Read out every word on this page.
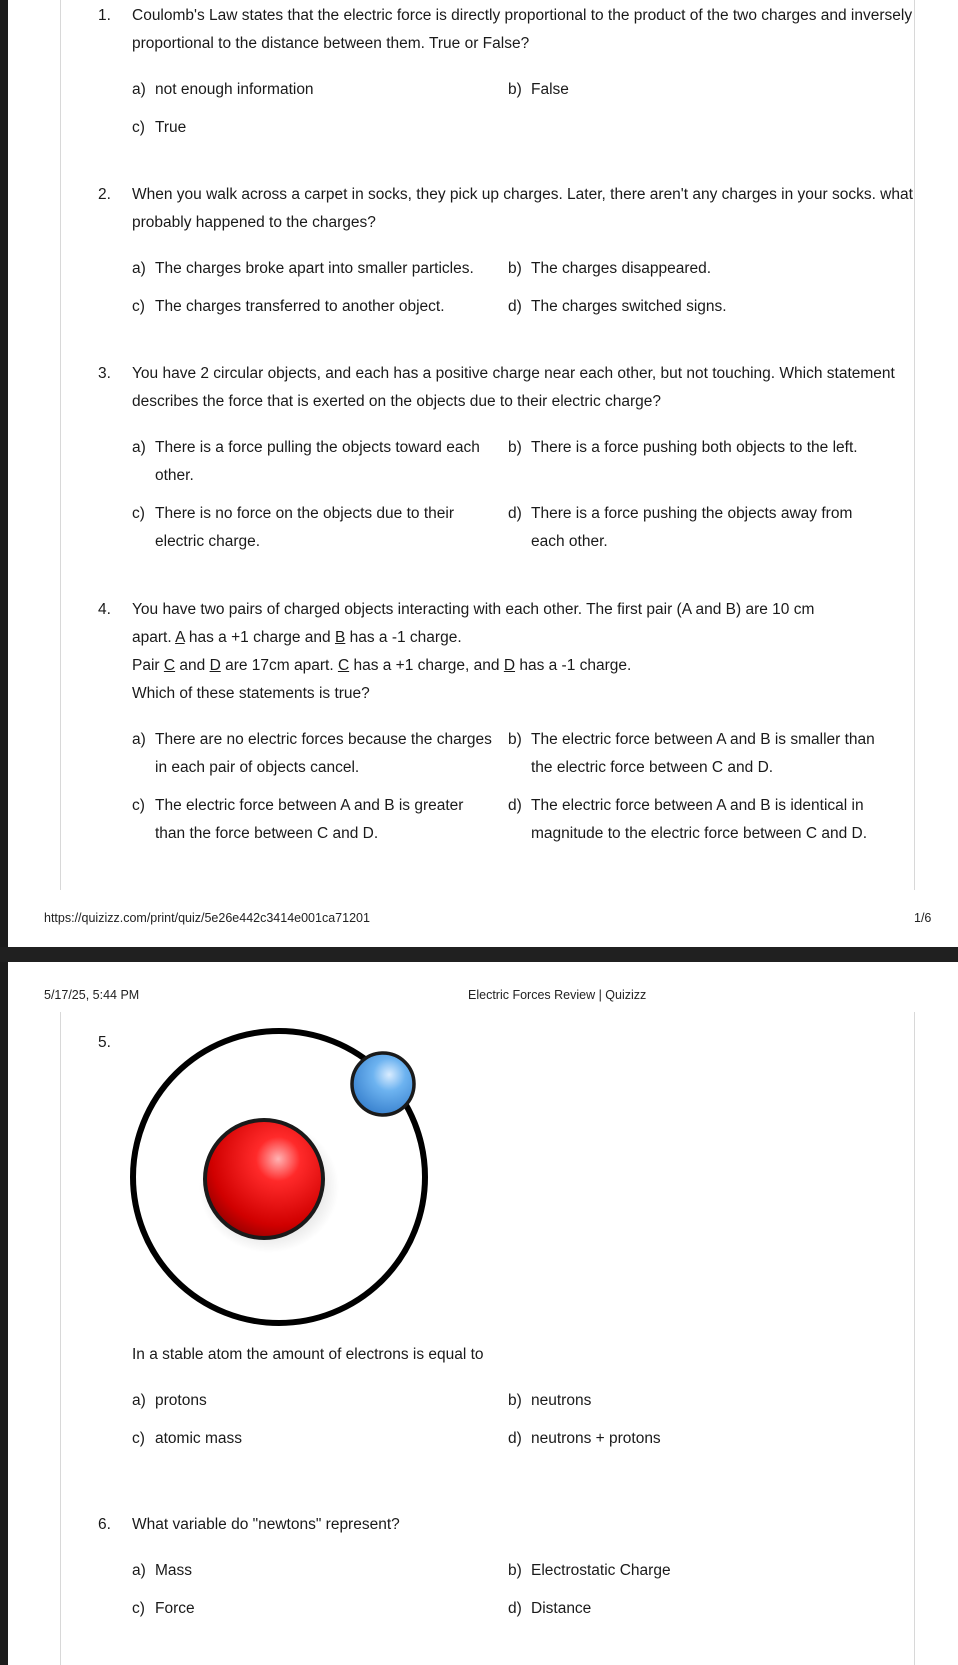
1. Coulomb's Law states that the electric force is directly proportional to the product of the two charges and inversely proportional to the distance between them. True or False?
a) not enough information	b) False
c) True
2. When you walk across a carpet in socks, they pick up charges. Later, there aren't any charges in your socks. what probably happened to the charges?
a) The charges broke apart into smaller particles.	b) The charges disappeared.
c) The charges transferred to another object.	d) The charges switched signs.
3. You have 2 circular objects, and each has a positive charge near each other, but not touching. Which statement describes the force that is exerted on the objects due to their electric charge?
a) There is a force pulling the objects toward each other.
b) There is a force pushing both objects to the left.
c) There is no force on the objects due to their electric charge.
d) There is a force pushing the objects away from each other.
4. You have two pairs of charged objects interacting with each other. The first pair (A and B) are 10 cm
apart. A has a +1 charge and B has a -1 charge.
Pair C and D are 17cm apart. C has a +1 charge, and D has a -1 charge.
Which of these statements is true?
a) There are no electric forces because the charges in each pair of objects cancel.
b) The electric force between A and B is smaller than the electric force between C and D.
c) The electric force between A and B is greater than the force between C and D.
d) The electric force between A and B is identical in magnitude to the electric force between C and D.
https://quizizz.com/print/quiz/5e26e442c3414e001ca71201	1/6
5/17/25, 5:44 PM	Electric Forces Review | Quizizz
5.
In a stable atom the amount of electrons is equal to
a) protons	b) neutrons
c) atomic mass	d) neutrons + protons
6. What variable do "newtons" represent?
a) Mass	b) Electrostatic Charge
c) Force	d) Distance
